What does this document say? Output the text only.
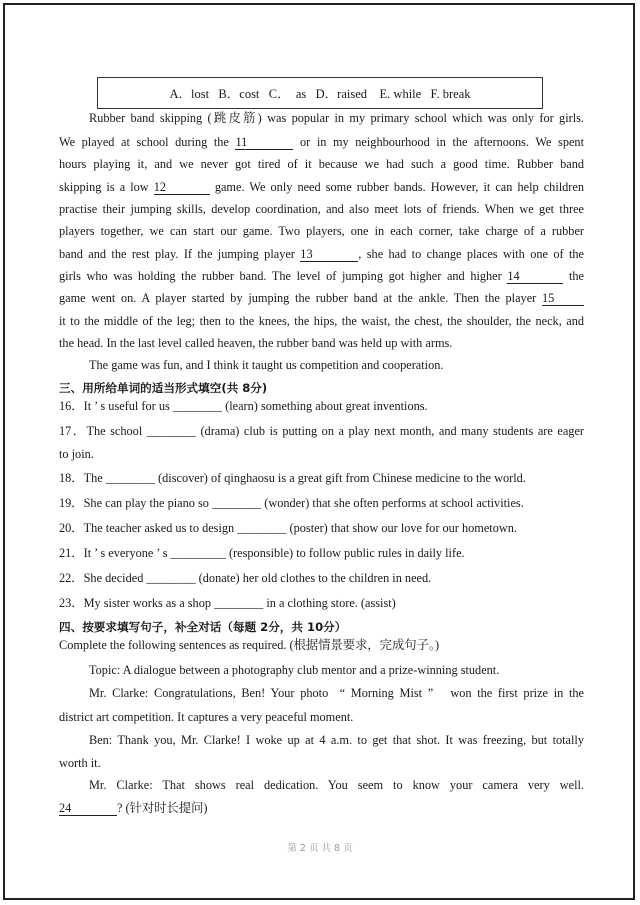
A．lost   B．cost   C．  as   D．raised    E. while   F. break
Rubber band skipping (跳皮筋) was popular in my primary school which was only for girls.
We played at school during the 11	or in my neighbourhood in the afternoons. We spent
hours playing it, and we never got tired of it because we had such a good time. Rubber band
skipping is a low 12	game. We only need some rubber bands. However, it can help children
practise their jumping skills, develop coordination, and also meet lots of friends. When we get three
players together, we can start our game. Two players, one in each corner, take charge of a rubber
band and the rest play. If the jumping player 13	, she had to change places with one of the
girls who was holding the rubber band. The level of jumping got higher and higher 14	the
game went on. A player started by jumping the rubber band at the ankle. Then the player 15
it to the middle of the leg; then to the knees, the hips, the waist, the chest, the shoulder, the neck, and
the head. In the last level called heaven, the rubber band was held up with arms.
The game was fun, and I think it taught us competition and cooperation.
三、用所给单词的适当形式填空(共 8分)
16．It ’ s useful for us ________ (learn) something about great inventions.
17．The school ________ (drama) club is putting on a play next month, and many students are eager
to join.
18．The ________ (discover) of qinghaosu is a great gift from Chinese medicine to the world.
19．She can play the piano so ________ (wonder) that she often performs at school activities.
20．The teacher asked us to design ________ (poster) that show our love for our hometown.
21．It ’ s everyone ’ s _________ (responsible) to follow public rules in daily life.
22．She decided ________ (donate) her old clothes to the children in need.
23．My sister works as a shop ________ in a clothing store. (assist)
四、按要求填写句子，补全对话（每题 2分，共 10分）
Complete the following sentences as required. (根据情景要求，完成句子。)
Topic: A dialogue between a photography club mentor and a prize-winning student.
Mr. Clarke: Congratulations, Ben! Your photo  “ Morning Mist ”   won the first prize in the
district art competition. It captures a very peaceful moment.
Ben: Thank you, Mr. Clarke! I woke up at 4 a.m. to get that shot. It was freezing, but totally
worth it.
Mr. Clarke: That shows real dedication. You seem to know your camera very well.
24	? (针对时长提问)
第 2 页 共 8 页
